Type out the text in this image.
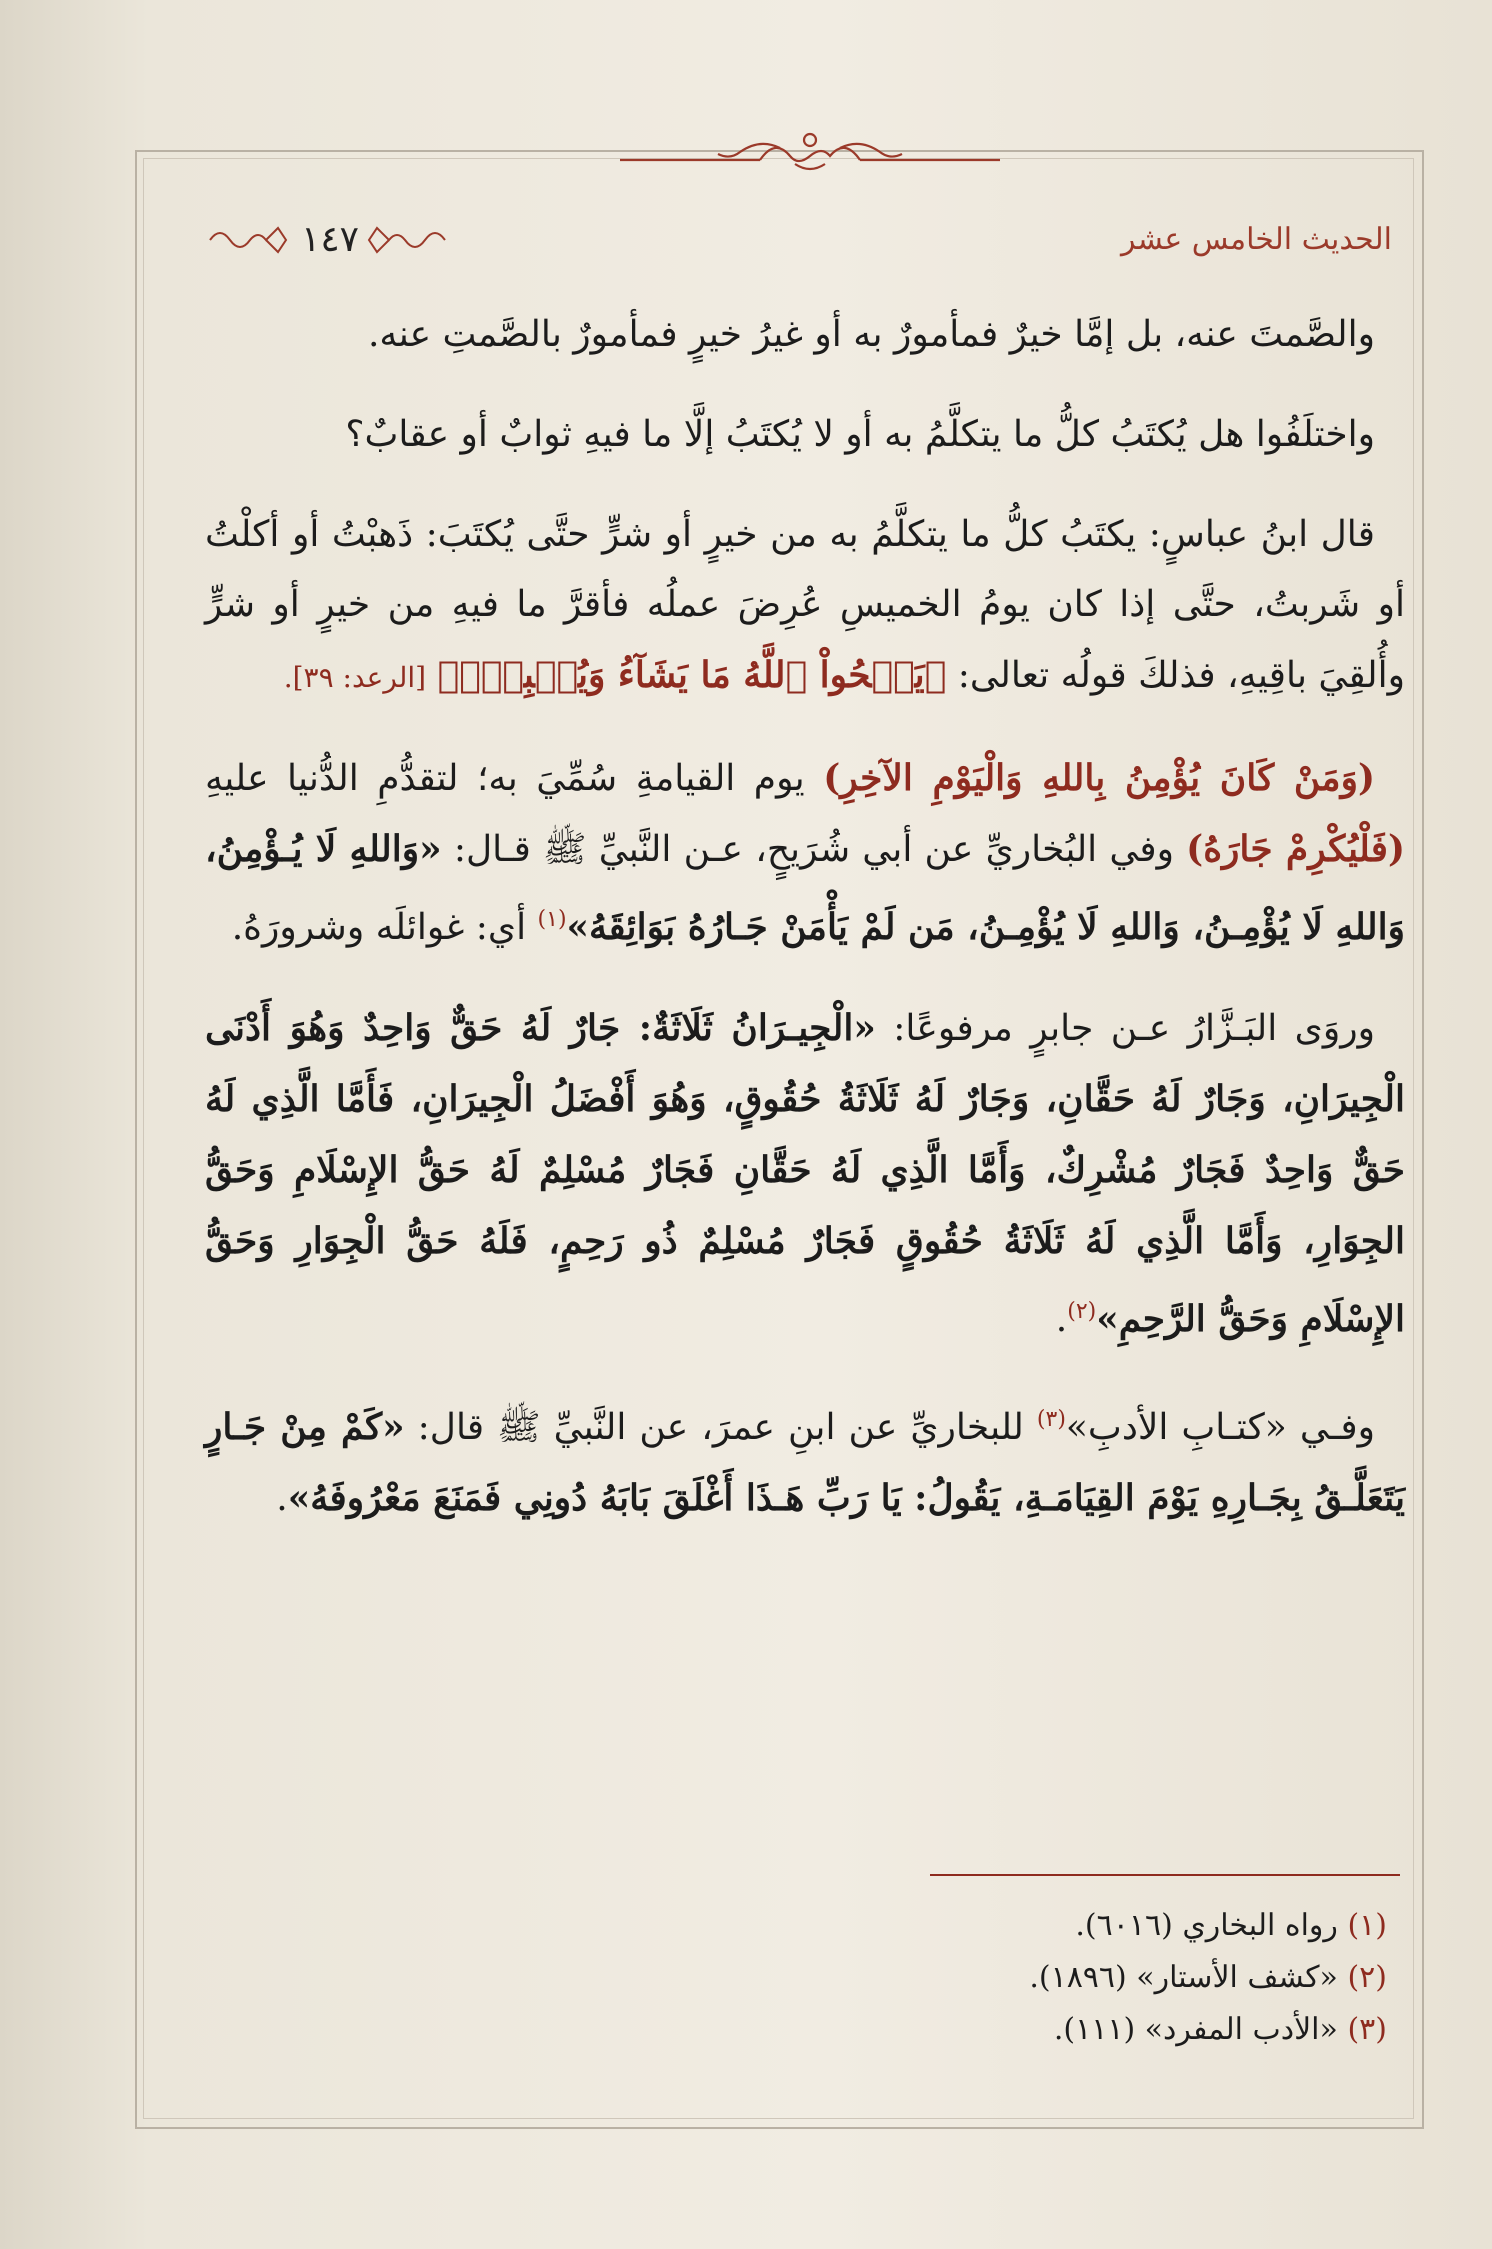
١٤٧	الحديث الخامس عشر

والصَّمتَ عنه، بل إمَّا خيرٌ فمأمورٌ به أو غيرُ خيرٍ فمأمورٌ بالصَّمتِ عنه.

واختلَفُوا هل يُكتَبُ كلُّ ما يتكلَّمُ به أو لا يُكتَبُ إلَّا ما فيهِ ثوابٌ أو عقابٌ؟

قال ابنُ عباسٍ: يكتَبُ كلُّ ما يتكلَّمُ به من خيرٍ أو شرٍّ حتَّى يُكتَبَ: ذَهبْتُ أو أكلْتُ أو شَربتُ، حتَّى إذا كان يومُ الخميسِ عُرِضَ عملُه فأقرَّ ما فيهِ من خيرٍ أو شرٍّ وأُلقِيَ باقِيهِ، فذلكَ قولُه تعالى: ﴿يَمۡحُواْ ٱللَّهُ مَا يَشَآءُ وَيُثۡبِتُۖ﴾ [الرعد: ٣٩].

(وَمَنْ كَانَ يُؤْمِنُ بِاللهِ وَالْيَوْمِ الآخِرِ) يوم القيامةِ سُمِّيَ به؛ لتقدُّمِ الدُّنيا عليهِ (فَلْيُكْرِمْ جَارَهُ) وفي البُخاريِّ عن أبي شُرَيحٍ، عـن النَّبيِّ ﷺ قـال: «وَاللهِ لَا يُـؤْمِنُ، وَاللهِ لَا يُؤْمِـنُ، وَاللهِ لَا يُؤْمِـنُ، مَن لَمْ يَأْمَنْ جَـارُهُ بَوَائِقَهُ»$^{(١)}$ أي: غوائلَه وشرورَهُ.

وروَى البَـزَّارُ عـن جابرٍ مرفوعًا: «الْجِيـرَانُ ثَلَاثَةٌ: جَارٌ لَهُ حَقٌّ وَاحِدٌ وَهُوَ أَدْنَى الْجِيرَانِ، وَجَارٌ لَهُ حَقَّانِ، وَجَارٌ لَهُ ثَلَاثَةُ حُقُوقٍ، وَهُوَ أَفْضَلُ الْجِيرَانِ، فَأَمَّا الَّذِي لَهُ حَقٌّ وَاحِدٌ فَجَارٌ مُشْرِكٌ، وَأَمَّا الَّذِي لَهُ حَقَّانِ فَجَارٌ مُسْلِمٌ لَهُ حَقُّ الإِسْلَامِ وَحَقُّ الجِوَارِ، وَأَمَّا الَّذِي لَهُ ثَلَاثَةُ حُقُوقٍ فَجَارٌ مُسْلِمٌ ذُو رَحِمٍ، فَلَهُ حَقُّ الْجِوَارِ وَحَقُّ الإِسْلَامِ وَحَقُّ الرَّحِمِ»$^{(٢)}$.

وفـي «كتـابِ الأدبِ»$^{(٣)}$ للبخاريِّ عن ابنِ عمرَ، عن النَّبيِّ ﷺ قال: «كَمْ مِنْ جَـارٍ يَتَعَلَّـقُ بِجَـارِهِ يَوْمَ القِيَامَـةِ، يَقُولُ: يَا رَبِّ هَـذَا أَغْلَقَ بَابَهُ دُونِي فَمَنَعَ مَعْرُوفَهُ».

(١) رواه البخاري (٦٠١٦).
(٢) «كشف الأستار» (١٨٩٦).
(٣) «الأدب المفرد» (١١١).
